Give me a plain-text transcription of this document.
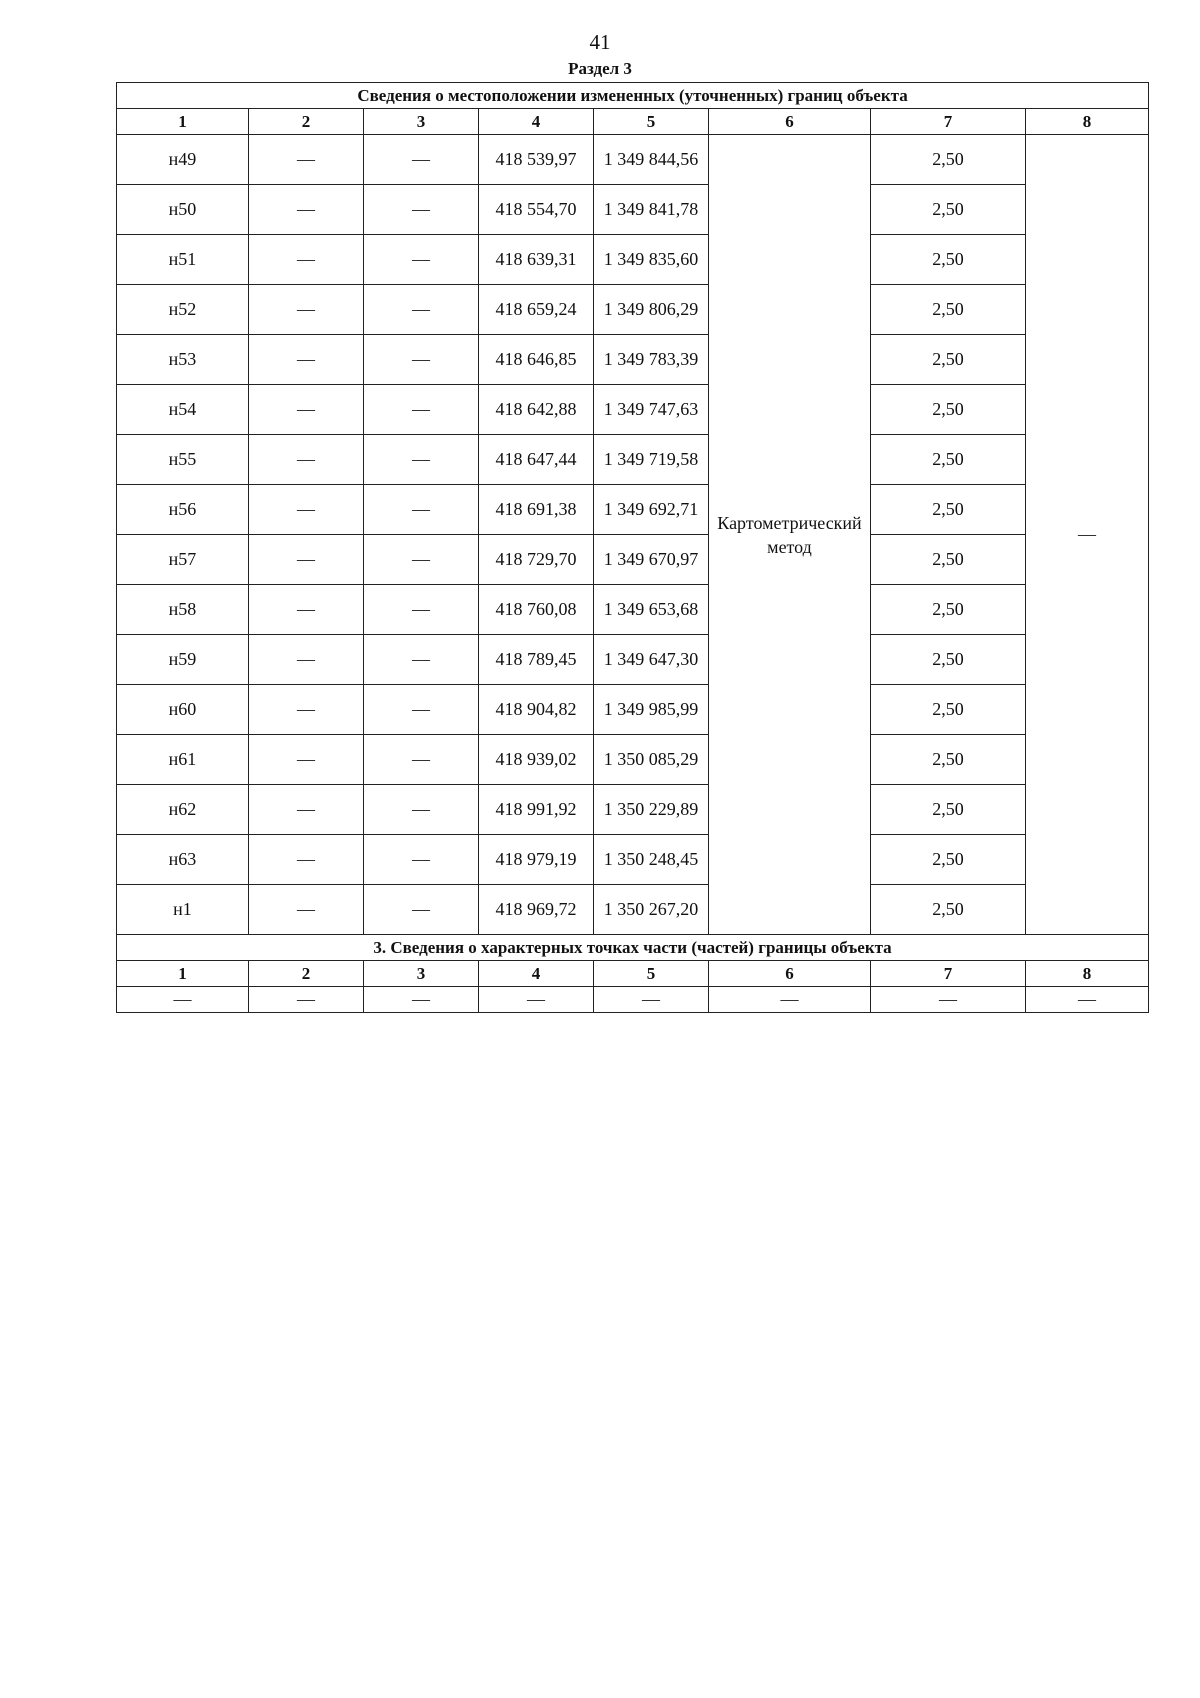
41
Раздел 3
Сведения о местоположении измененных (уточненных) границ объекта							
1	2	3	4	5	6	7	8
н49	—	—	418 539,97	1 349 844,56	Картометрический метод	2,50	—
н50	—	—	418 554,70	1 349 841,78		2,50	
н51	—	—	418 639,31	1 349 835,60		2,50	
н52	—	—	418 659,24	1 349 806,29		2,50	
н53	—	—	418 646,85	1 349 783,39		2,50	
н54	—	—	418 642,88	1 349 747,63		2,50	
н55	—	—	418 647,44	1 349 719,58		2,50	
н56	—	—	418 691,38	1 349 692,71		2,50	
н57	—	—	418 729,70	1 349 670,97		2,50	
н58	—	—	418 760,08	1 349 653,68		2,50	
н59	—	—	418 789,45	1 349 647,30		2,50	
н60	—	—	418 904,82	1 349 985,99		2,50	
н61	—	—	418 939,02	1 350 085,29		2,50	
н62	—	—	418 991,92	1 350 229,89		2,50	
н63	—	—	418 979,19	1 350 248,45		2,50	
н1	—	—	418 969,72	1 350 267,20		2,50	
3. Сведения о характерных точках части (частей) границы объекта							
1	2	3	4	5	6	7	8
—	—	—	—	—	—	—	—
